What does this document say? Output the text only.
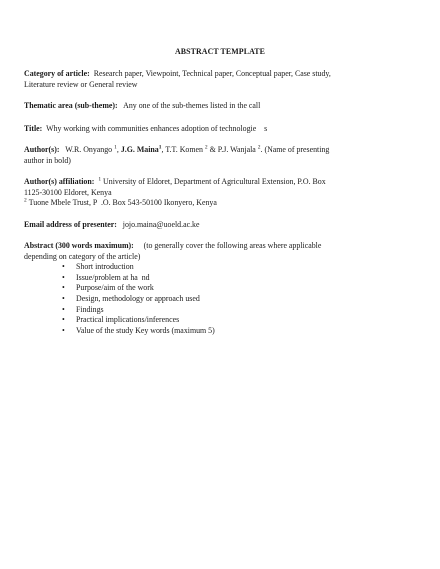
ABSTRACT TEMPLATE
Category of article: Research paper, Viewpoint, Technical paper, Conceptual paper, Case study,
Literature review or General review
Thematic area (sub-theme): Any one of the sub-themes listed in the call
Title: Why working with communities enhances adoption of technologie    s
Author(s): W.R. Onyango $^1$, J.G. Maina$^1$, T.T. Komen $^2$ & P.J. Wanjala $^2$. (Name of presenting
author in bold)
Author(s) affiliation: $^1$ University of Eldoret, Department of Agricultural Extension, P.O. Box
1125-30100 Eldoret, Kenya
$^2$ Tuone Mbele Trust, P  .O. Box 543-50100 Ikonyero, Kenya
Email address of presenter: jojo.maina@uoeld.ac.ke
Abstract (300 words maximum): (to generally cover the following areas where applicable
depending on category of the article)
• Short introduction
• Issue/problem at ha  nd
• Purpose/aim of the work
• Design, methodology or approach used
• Findings
• Practical implications/inferences
• Value of the study Key words (maximum 5)
